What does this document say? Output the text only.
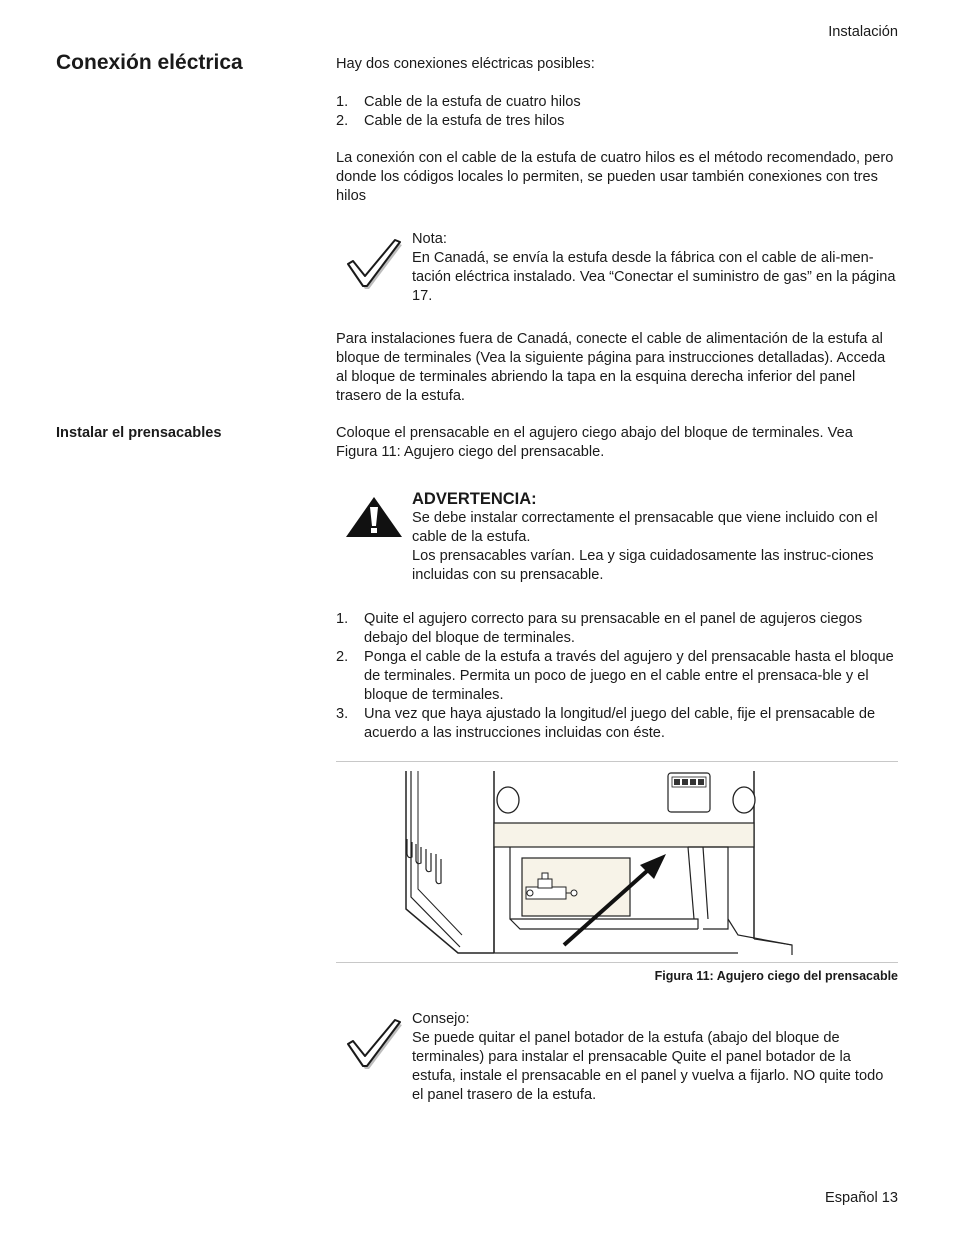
Instalación
Español 13
Conexión eléctrica	Hay dos conexiones eléctricas posibles:
1. Cable de la estufa de cuatro hilos
2. Cable de la estufa de tres hilos
La conexión con el cable de la estufa de cuatro hilos es el método recomendado, pero donde los códigos locales lo permiten, se pueden usar también conexiones con tres hilos
Nota:
En Canadá, se envía la estufa desde la fábrica con el cable de ali-men-tación eléctrica instalado. Vea “Conectar el suministro de gas” en la página 17.
Para instalaciones fuera de Canadá, conecte el cable de alimentación de la estufa al bloque de terminales (Vea la siguiente página para instrucciones detalladas). Acceda al bloque de terminales abriendo la tapa en la esquina derecha inferior del panel trasero de la estufa.
Instalar el prensacables	Coloque el prensacable en el agujero ciego abajo del bloque de terminales. Vea Figura 11: Agujero ciego del prensacable.
ADVERTENCIA:
Se debe instalar correctamente el prensacable que viene incluido con el cable de la estufa.
Los prensacables varían. Lea y siga cuidadosamente las instruc-ciones incluidas con su prensacable.
1. Quite el agujero correcto para su prensacable en el panel de agujeros ciegos debajo del bloque de terminales.
2. Ponga el cable de la estufa a través del agujero y del prensacable hasta el bloque de terminales. Permita un poco de juego en el cable entre el prensaca-ble y el bloque de terminales.
3. Una vez que haya ajustado la longitud/el juego del cable, fije el prensacable de acuerdo a las instrucciones incluidas con éste.
Figura 11: Agujero ciego del prensacable
Consejo:
Se puede quitar el panel botador de la estufa (abajo del bloque de terminales) para instalar el prensacable Quite el panel botador de la estufa, instale el prensacable en el panel y vuelva a fijarlo. NO quite todo el panel trasero de la estufa.
